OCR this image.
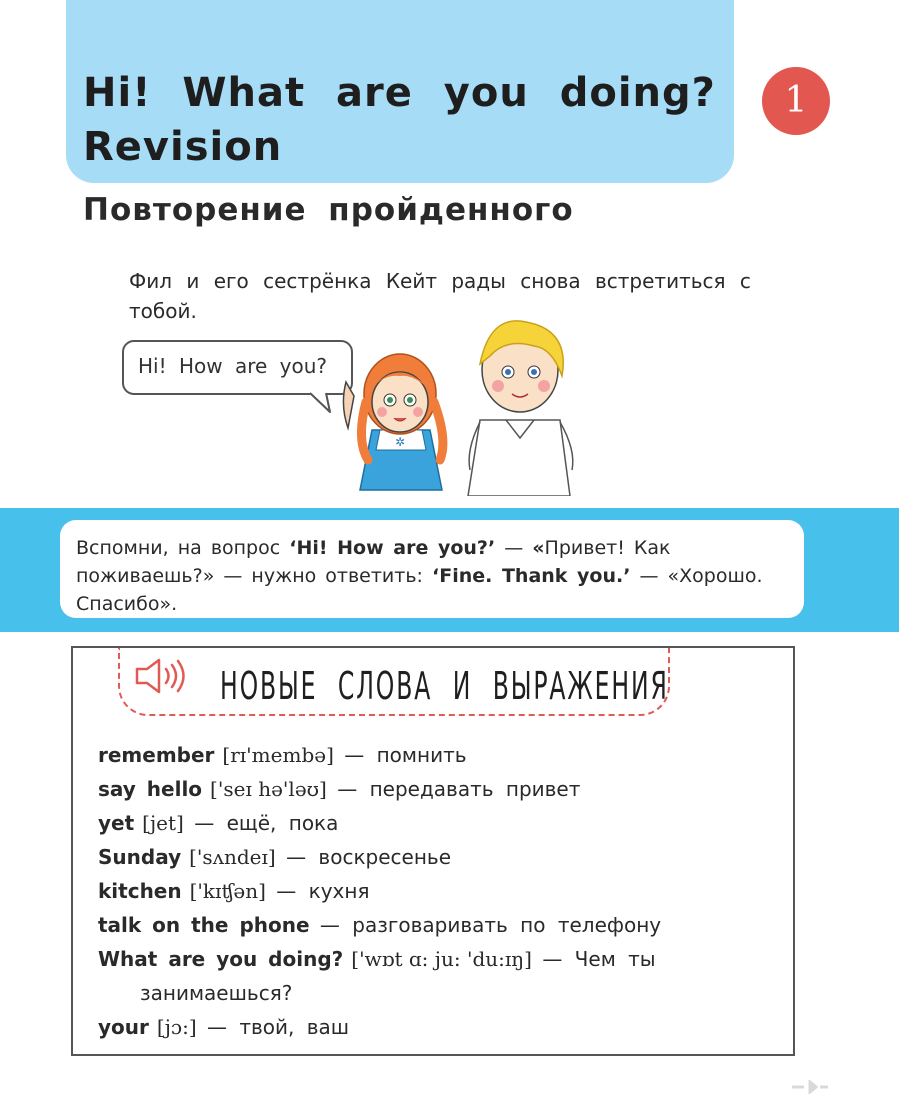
Hi! What are you doing? Revision
1
Повторение пройденного

Фил и его сестрёнка Кейт рады снова встретиться с тобой.

Hi! How are you?
✲

Вспомни, на вопрос ‘Hi! How are you?’ — «Привет! Как поживаешь?» — нужно ответить: ‘Fine. Thank you.’ — «Хорошо. Спасибо».

НОВЫЕ СЛОВА И ВЫРАЖЕНИЯ
remember [rɪ'membə] — помнить
say hello ['seɪ hə'ləʊ] — передавать привет
yet [jet] — ещё, пока
Sunday ['sʌndeɪ] — воскресенье
kitchen ['kɪʧən] — кухня
talk on the phone — разговаривать по телефону
What are you doing? ['wɒt ɑ: ju: 'du:ɪŋ] — Чем ты
занимаешься?
your [jɔ:] — твой, ваш
